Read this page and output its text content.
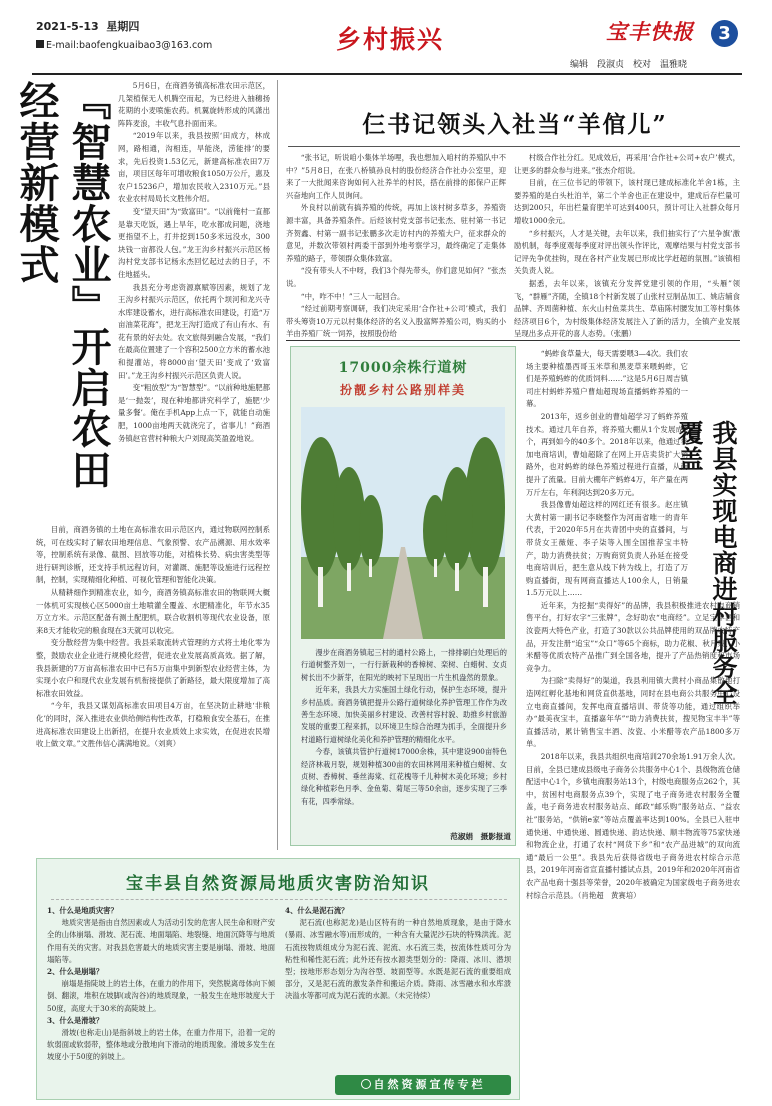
2021-5-13 星期四
E-mail:baofengkuaibao3@163.com	乡村振兴	宝丰快报	3
编辑　段淑贞　校对　温雅晓
『智慧农业』开启农田经营新模式	5月6日，在商酒务镇高标准农田示范区，几架植保无人机腾空而起，为已经进入抽穗扬花期的小麦喷施农药。机翼旋转形成的风潇出阵阵麦浪，丰收气息扑面而来。

“2019年以来，我县按照‘田成方，林成网，路相通，沟相连，旱能浇，涝能排’的要求，先后投资1.53亿元，新建高标准农田7万亩，项目区每年可增收粮食1050万公斤，惠及农户15236户，增加农民收入2310万元。”县农业农村局局长文胜伟介绍。

变“望天田”为“致富田”。“以前俺村一直都是靠天吃饭，遇上旱年，吃水都成问题，浇地更指望不上，打井挖到150多米远没水，300块钱一亩都没人包。”龙王沟乡村振兴示范区杨沟村党支部书记杨永杰回忆起过去的日子，不住地摇头。

我县充分考虑资源禀赋等因素，规划了龙王沟乡村振兴示范区，依托两个坝河和龙兴寺水库建设蓄水，进行高标准农田建设，打造“万亩油菜花海”，把龙王沟打造成了有山有水、有花有景的好去处。农文旅得到融合发展，“我们在最高位置建了一个容积2500立方米的蓄水池和提灌站，将8000亩‘望天田’变成了‘致富田’。”龙王沟乡村振兴示范区负责人说。

变“粗放型”为“智慧型”。“以前种地施肥都是‘一抛轰’，现在种地都讲究科学了，施肥‘少量多餐’。俺在手机App上点一下，就能自动施肥，1000亩地两天就浇完了，省事儿！”商酒务镇赵官营村种粮大户刘现高笑盈盈地说。

目前，商酒务镇的土地在高标准农田示范区内，通过物联网控制系统，可在线实时了解农田地理信息、气象预警、农产品溯源、用水效率等，控制系统有录像、截图、回放等功能，对植株长势、病虫害类型等进行研判诊断，还支持手机远程访问，对灌溉、施肥等设施进行远程控制，控制，实现精细化种植、可视化管理和智能化决策。

从精耕细作到精准农业，如今，商酒务镇高标准农田的物联网大概一体机可实现核心区5000亩土地喷灌全覆盖、水肥精准化，年节水35万立方米。示范区配备有测土配肥机，联合收割机等现代农业设备，原来8天才能收完的粮食现在3天就可以收完。

变分散经营为集中经营。我县采取流转式管理的方式将土地化零为整，鼓励农业企业进行规模化经营，促进农业发展高质高效。据了解，我县新建的7万亩高标准农田中已有5万亩集中到新型农业经营主体，为实现小农户和现代农业发展有机衔接提供了新路径，最大限度增加了高标准农田效益。

“今年，我县又谋划高标准农田项目4万亩，在坚决防止耕地‘非粮化’的同时，深入推进农业供给侧结构性改革，打稳粮食安全基石，在推进高标准农田建设上出新招，在提升农业质效上求实效，在促进农民增收上做文章。”文胜伟信心满满地说。（刘爽）

仨书记领头入社当“羊倌儿”

“张书记，听说咱小集体羊场哩，我也想加入咱村的养殖队中不中？”5月8日，在张八桥镇孙良村的股份经济合作社办公室里，迎来了一大批闻来咨询如何入社养羊的村民，搭在前排的郎保户正辉兴奋地向工作人员询问。

外良村以前就有搞养殖的传统，再加上该村树多草多，养殖资源丰富，具备养殖条件。后经该村党支部书记张杰、驻村第一书记齐贺鑫、村第一副书记张鹏多次走访村内的养殖大户，征求群众的意见，并数次带领村两委干部到外地考察学习，最终确定了走集体养殖的路子，带领群众集体致富。

“没有带头人不中呀，我们3个得先带头，你们意见如何？”张杰说。

“中，咋不中！”三人一起回合。

“经过前期考察调研，我们决定采用‘合作社+公司’模式，我们带头筹资10万元以村集体经济的名义入股富辉养殖公司，购买的小羊由养殖厂统一饲养，按照股份给

村级合作社分红。见成效后，再采用‘合作社+公司+农户’模式，让更多的群众参与进来。”张杰介绍说。

目前，在三位书记的带领下，该村现已建成标准化羊舍1栋，主要养殖的是白头杜泊羊，第二个羊舍也正在建设中，建成后存栏量可达到200只，年出栏量育肥羊可达到400只，预计可让入社群众每月增收1000余元。

“乡村振兴，人才是关键，去年以来，我们抽实行了‘六星争旗’激励机制，每季度观每季度对评出领头作评比，观摩结果与村党支部书记评先争优挂钩，现在各村产业发展已形成比学赶超的氛围。”该镇相关负责人说。

据悉，去年以来，该镇充分发挥党建引领的作用，“头雁”领飞，“群雁”齐随，全镇18个村新发展了山张村豆制品加工、姚店辅食品牌、齐周菌种植、东火山村鱼菜共生、草庙陈村腰发加工等村集体经济项目6个，为村级集体经济发展注入了新的活力，全镇产业发展呈现出多点开花的喜人态势。（张鹏）

17000余株行道树
扮靓乡村公路别样美

漫步在商酒务镇起三村的通村公路上，一排排刷白处理后的行道树整齐划一，一行行新栽种的香樟树、栾树、白蜡树、女贞树长出不少新芽，在阳光的映衬下呈现出一片生机盎然的景象。

近年来，我县大力实施国土绿化行动，保护生态环境，提升乡村品质。商酒务镇把提升公路行道树绿化养护管理工作作为改善生态环境、加快美丽乡村建设、改善村容村貌、助推乡村旅游发展的重要工程来抓，以环境卫生综合治理为抓手，全面提升乡村道路行道树绿化美化和养护管理的精细化水平。

今春，该镇共管护行道树17000余株，其中建设900亩特色经济林栽月裂，规划种植300亩的农田林网用来种植白蜡树、女贞树、香樟树、垂丝海棠、红花槐等千儿种树木美化环境；乡村绿化种植彩色月季、金鱼菊、菊尾三等50余亩，逐步实现了三季有花，四季常绿。

范淑娟　摄影报道
我县实现电商进村服务全覆盖

“蚂蚱食草量大，每天需要喂3—4次。我们农场主要种植墨西哥玉米草和黑麦草来喂蚂蚱，它们是养殖蚂蚱的优质饲料……”这是5月6日周吉镇司庄村蚂蚱养殖户曹灿超现场直播蚂蚱养殖的一幕。

2013年，返乡创业的曹灿超学习了蚂蚱养殖技术。通过几年自养，将养殖大棚从1个发展成2个，再到如今的40多个。2018年以来，他通过参加电商培训，曹灿超除了在网上开店卖货扩大销路外，也对蚂蚱的绿色养殖过程进行直播，从而提升了流量。目前大棚年产蚂蚱4万，年产量在两万斤左右，年利润达到20多万元。

我县像曹灿超这样的网红还有很多。赵庄镇大黄村第一副书记李晓整作为河南省唯一的青年代表，于2020年5月在共青团中央的直播间，与带货女王薇娅、李子柒等入围全国推荐宝丰特产，助力消费扶贫；万购商贸负责人孙延在接受电商培训后，把生意从线下转为线上，打造了万购直播街，现有网商直播达人100余人，日销量1.5万元以上……

近年来，为挖掘“卖得好”的品牌，我县积极推进农村电商销售平台，打好农字“三张牌”，念好助农“电商经”。立足宝丰酒和汝瓷两大特色产业，打造了30款以公共品牌使用的双品牌农特产品，开发注册“追宝”“众口”等65个商标，助力花椒、秋月梨、小米醋等优质农特产品推广到全国各地，提升了产品热销度和市场竞争力。

为扫除“卖得好”的渠道，我县利用镇大黄村小商品集散地打造网红孵化基地和网货直供基地，同时在县电商公共服务中心设立电商直播间，发挥电商直播培训、带货等功能，通过组织举办“最美夜宝丰，直播嘉年华”“助力消费扶贫，搜见物宝丰半”等直播活动，累计销售宝丰酒、汝瓷、小米醋等农产品1800多万单。

2018年以来，我县共组织电商培训270余场1.91万余人次。目前，全县已建成县级电子商务公共服务中心1个、县级物流仓储配送中心1个，乡镇电商服务站13个，村级电商服务点262个，其中，贫困村电商服务点39个，实现了电子商务进农村服务全覆盖，电子商务进农村服务站点、邮政“邮乐购”服务站点、“益农社”服务站，“供销e家”等站点覆盖率达到100%。全县已入驻申通快递、中通快递、圆通快递、韵达快递、顺丰物流等75家快递和物流企业，打通了农村“网货下乡”和“农产品进城”的双向流通“最后一公里”。我县先后获得省级电子商务进农村综合示范县，2019年河南省宣直播村播试点县，2019年和2020年河南省农产品电商十强县等荣誉，2020年被确定为国家级电子商务进农村综合示范县。（肖艳超　黄赛培）

宝丰县自然资源局地质灾害防治知识
1、什么是地质灾害？

地质灾害是指由自然因素或人为活动引发的危害人民生命和财产安全的山体崩塌、滑坡、泥石流、地面塌陷、地裂缝、地面沉降等与地质作用有关的灾害。对我县危害最大的地质灾害主要是崩塌、滑坡、地面塌陷等。

2、什么是崩塌？

崩塌是指陡坡上的岩土体，在重力的作用下，突然脱离母体向下倾倒、翻滚，堆积在坡脚(或沟谷)的地质现象，一般发生在地形坡度大于50度，高度大于30米的高陡坡上。

3、什么是滑坡？

滑坡(也称走山)是指斜坡上的岩土体，在重力作用下，沿着一定的软弱面或软弱带，整体地或分散地向下滑动的地质现象。滑坡多发生在坡度小于50度的斜坡上。

4、什么是泥石流？

泥石流(也称泥龙)是山区特有的一种自然地质现象，是由于降水(暴雨、冰雪融水等)而形成的，一种含有大量泥沙石块的特殊洪流。泥石流按物质组成分为泥石流、泥流、水石流三类，按流体性质可分为粘性和稀性泥石流；此外还有按水源类型划分的：降雨、冰川、潜坝型；按地形形态划分为沟谷型、坡面型等。水既是泥石流的重要组成部分，又是泥石流的激发条件和搬运介质。降雨、冰雪融水和水库溃决溢水等都可成为泥石流的水源。（未完待续）

自然资源宣传专栏
